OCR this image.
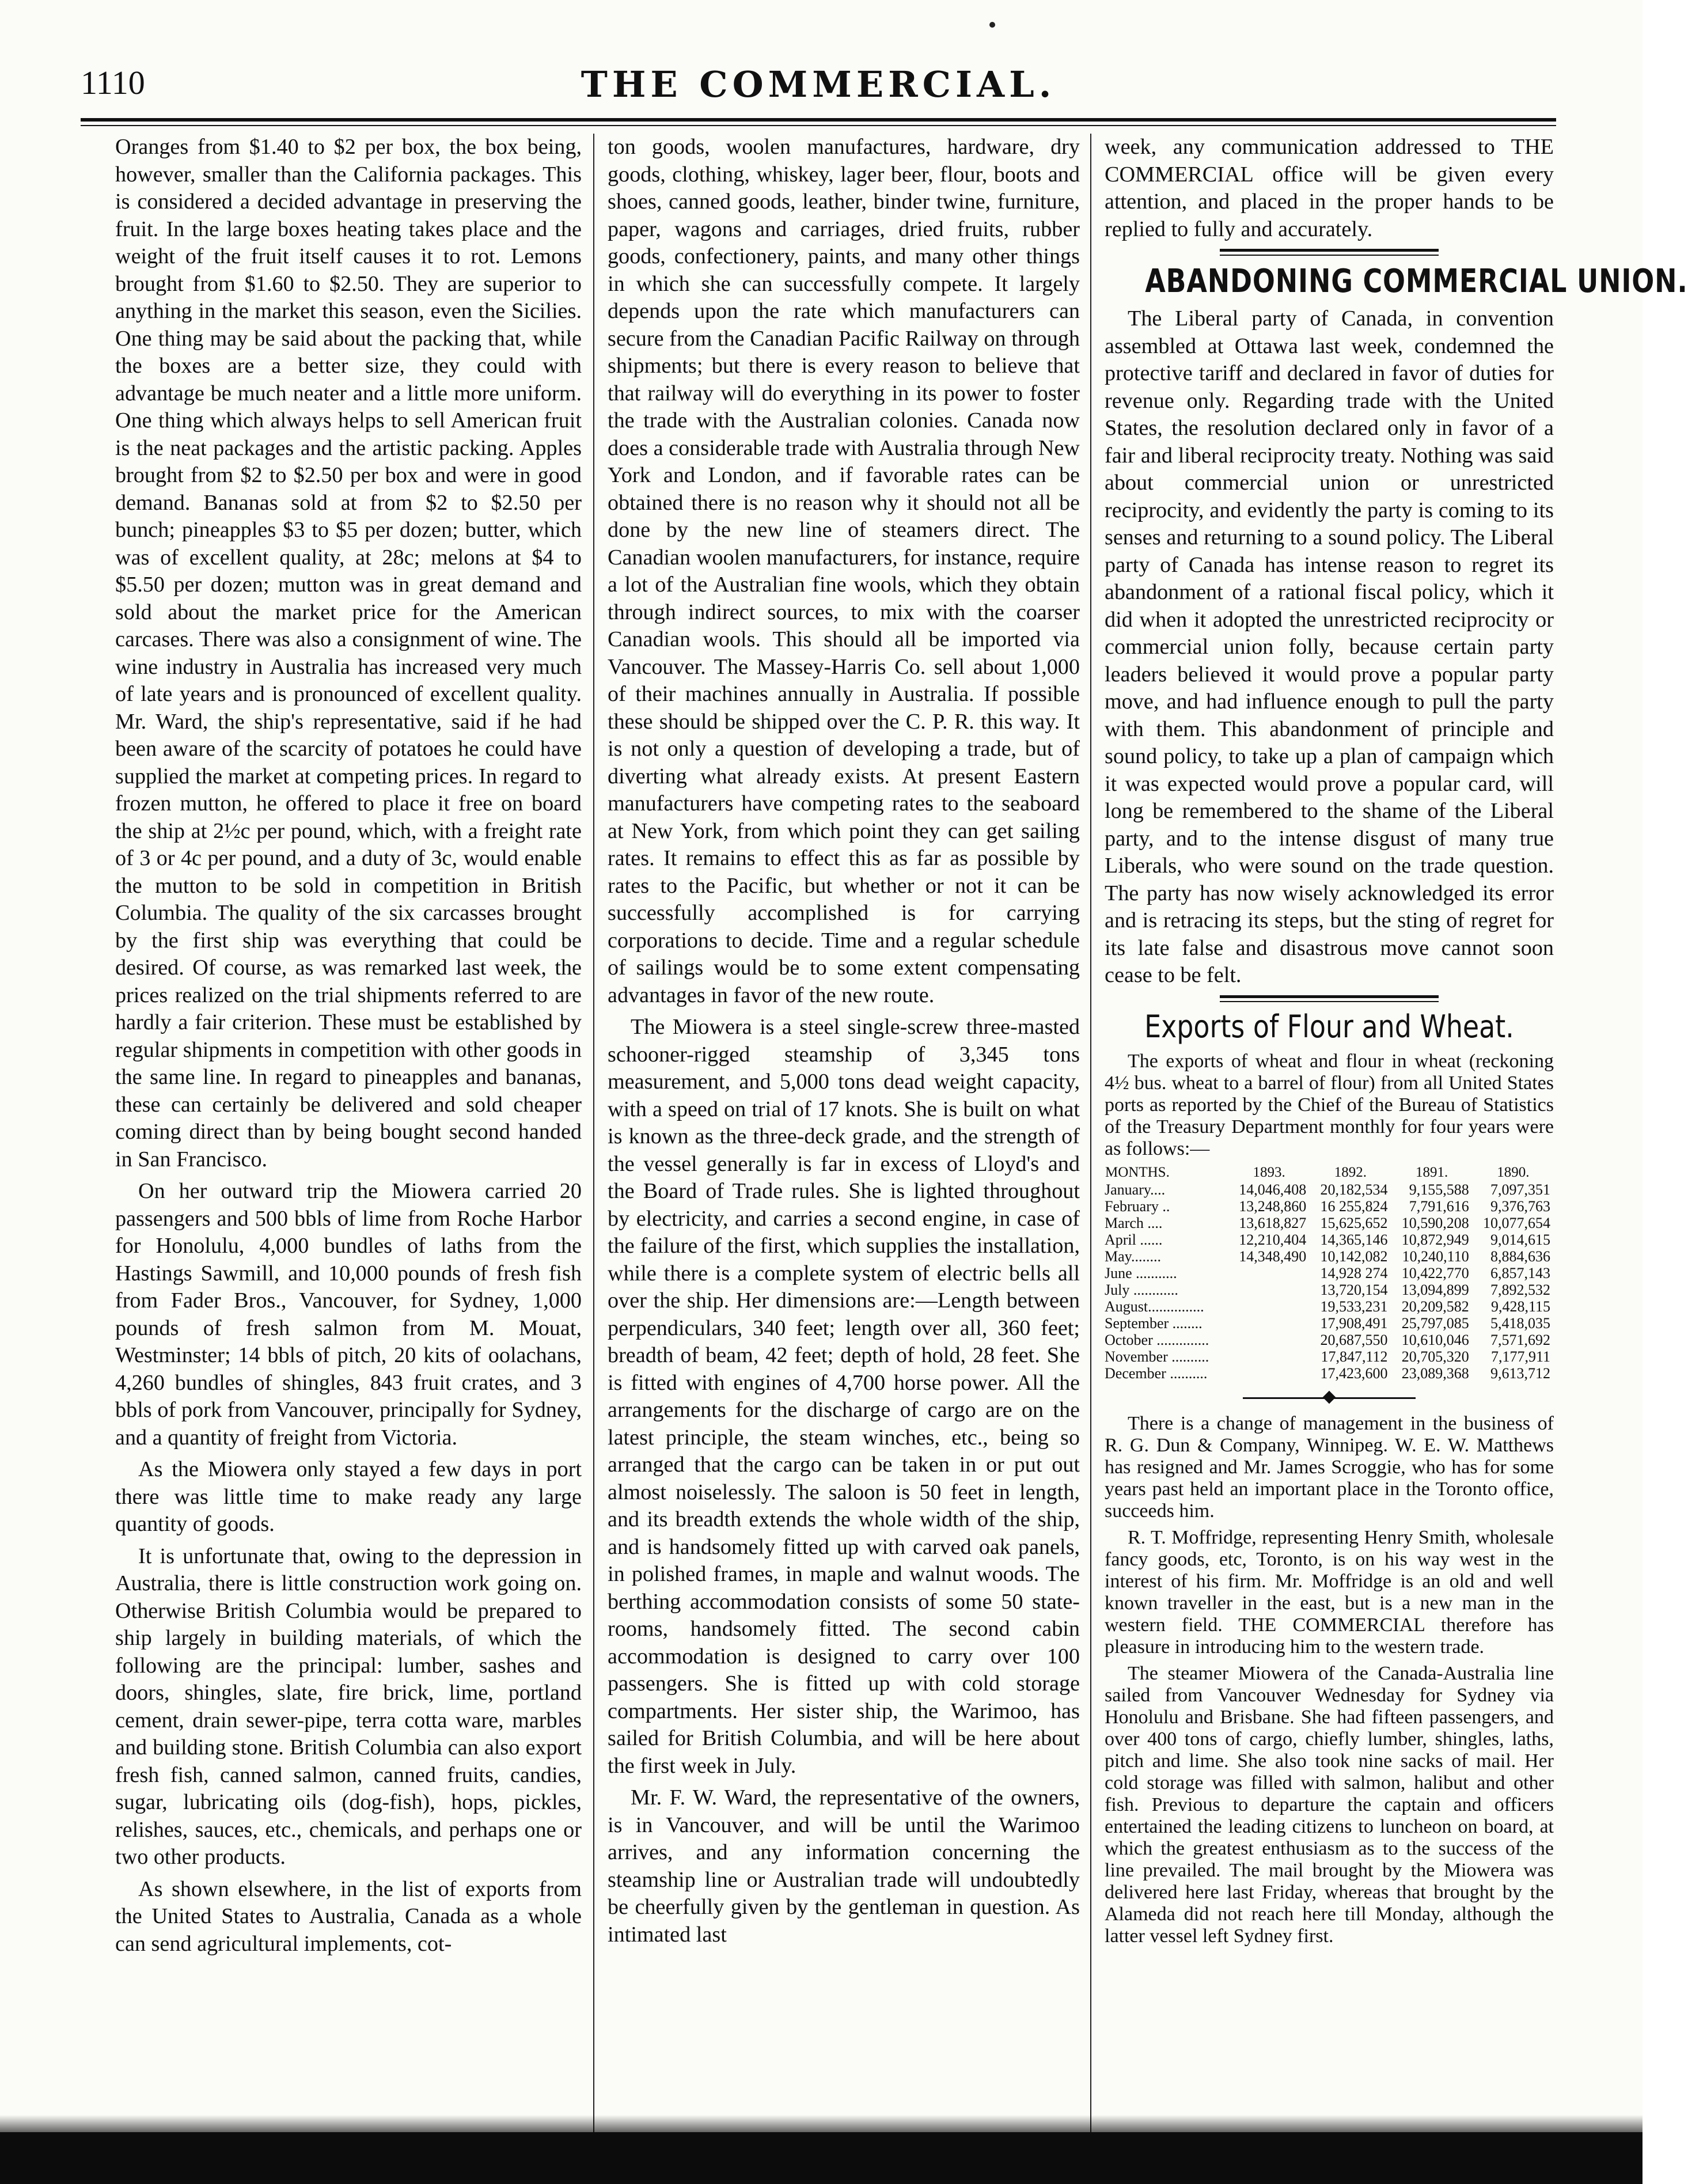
1110	THE COMMERCIAL.

Oranges from $1.40 to $2 per box, the box being, however, smaller than the California packages. This is considered a decided advantage in preserving the fruit. In the large boxes heating takes place and the weight of the fruit itself causes it to rot. Lemons brought from $1.60 to $2.50. They are superior to anything in the market this season, even the Sicilies. One thing may be said about the packing that, while the boxes are a better size, they could with advantage be much neater and a little more uniform. One thing which always helps to sell American fruit is the neat packages and the artistic packing. Apples brought from $2 to $2.50 per box and were in good demand. Bananas sold at from $2 to $2.50 per bunch; pineapples $3 to $5 per dozen; butter, which was of excellent quality, at 28c; melons at $4 to $5.50 per dozen; mutton was in great demand and sold about the market price for the American carcases. There was also a consignment of wine. The wine industry in Australia has increased very much of late years and is pronounced of excellent quality. Mr. Ward, the ship's representative, said if he had been aware of the scarcity of potatoes he could have supplied the market at competing prices. In regard to frozen mutton, he offered to place it free on board the ship at 2½c per pound, which, with a freight rate of 3 or 4c per pound, and a duty of 3c, would enable the mutton to be sold in competition in British Columbia. The quality of the six carcasses brought by the first ship was everything that could be desired. Of course, as was remarked last week, the prices realized on the trial shipments referred to are hardly a fair criterion. These must be established by regular shipments in competition with other goods in the same line. In regard to pineapples and bananas, these can certainly be delivered and sold cheaper coming direct than by being bought second handed in San Francisco.

On her outward trip the Miowera carried 20 passengers and 500 bbls of lime from Roche Harbor for Honolulu, 4,000 bundles of laths from the Hastings Sawmill, and 10,000 pounds of fresh fish from Fader Bros., Vancouver, for Sydney, 1,000 pounds of fresh salmon from M. Mouat, Westminster; 14 bbls of pitch, 20 kits of oolachans, 4,260 bundles of shingles, 843 fruit crates, and 3 bbls of pork from Vancouver, principally for Sydney, and a quantity of freight from Victoria.

As the Miowera only stayed a few days in port there was little time to make ready any large quantity of goods.

It is unfortunate that, owing to the depression in Australia, there is little construction work going on. Otherwise British Columbia would be prepared to ship largely in building materials, of which the following are the principal: lumber, sashes and doors, shingles, slate, fire brick, lime, portland cement, drain sewer-pipe, terra cotta ware, marbles and building stone. British Columbia can also export fresh fish, canned salmon, canned fruits, candies, sugar, lubricating oils (dog-fish), hops, pickles, relishes, sauces, etc., chemicals, and perhaps one or two other products.

As shown elsewhere, in the list of exports from the United States to Australia, Canada as a whole can send agricultural implements, cot-

ton goods, woolen manufactures, hardware, dry goods, clothing, whiskey, lager beer, flour, boots and shoes, canned goods, leather, binder twine, furniture, paper, wagons and carriages, dried fruits, rubber goods, confectionery, paints, and many other things in which she can successfully compete. It largely depends upon the rate which manufacturers can secure from the Canadian Pacific Railway on through shipments; but there is every reason to believe that that railway will do everything in its power to foster the trade with the Australian colonies. Canada now does a considerable trade with Australia through New York and London, and if favorable rates can be obtained there is no reason why it should not all be done by the new line of steamers direct. The Canadian woolen manufacturers, for instance, require a lot of the Australian fine wools, which they obtain through indirect sources, to mix with the coarser Canadian wools. This should all be imported via Vancouver. The Massey-Harris Co. sell about 1,000 of their machines annually in Australia. If possible these should be shipped over the C. P. R. this way. It is not only a question of developing a trade, but of diverting what already exists. At present Eastern manufacturers have competing rates to the seaboard at New York, from which point they can get sailing rates. It remains to effect this as far as possible by rates to the Pacific, but whether or not it can be successfully accomplished is for carrying corporations to decide. Time and a regular schedule of sailings would be to some extent compensating advantages in favor of the new route.

The Miowera is a steel single-screw three-masted schooner-rigged steamship of 3,345 tons measurement, and 5,000 tons dead weight capacity, with a speed on trial of 17 knots. She is built on what is known as the three-deck grade, and the strength of the vessel generally is far in excess of Lloyd's and the Board of Trade rules. She is lighted throughout by electricity, and carries a second engine, in case of the failure of the first, which supplies the installation, while there is a complete system of electric bells all over the ship. Her dimensions are:—Length between perpendiculars, 340 feet; length over all, 360 feet; breadth of beam, 42 feet; depth of hold, 28 feet. She is fitted with engines of 4,700 horse power. All the arrangements for the discharge of cargo are on the latest principle, the steam winches, etc., being so arranged that the cargo can be taken in or put out almost noiselessly. The saloon is 50 feet in length, and its breadth extends the whole width of the ship, and is handsomely fitted up with carved oak panels, in polished frames, in maple and walnut woods. The berthing accommodation consists of some 50 state-rooms, handsomely fitted. The second cabin accommodation is designed to carry over 100 passengers. She is fitted up with cold storage compartments. Her sister ship, the Warimoo, has sailed for British Columbia, and will be here about the first week in July.

Mr. F. W. Ward, the representative of the owners, is in Vancouver, and will be until the Warimoo arrives, and any information concerning the steamship line or Australian trade will undoubtedly be cheerfully given by the gentleman in question. As intimated last

week, any communication addressed to THE COMMERCIAL office will be given every attention, and placed in the proper hands to be replied to fully and accurately.

ABANDONING COMMERCIAL UNION.

The Liberal party of Canada, in convention assembled at Ottawa last week, condemned the protective tariff and declared in favor of duties for revenue only. Regarding trade with the United States, the resolution declared only in favor of a fair and liberal reciprocity treaty. Nothing was said about commercial union or unrestricted reciprocity, and evidently the party is coming to its senses and returning to a sound policy. The Liberal party of Canada has intense reason to regret its abandonment of a rational fiscal policy, which it did when it adopted the unrestricted reciprocity or commercial union folly, because certain party leaders believed it would prove a popular party move, and had influence enough to pull the party with them. This abandonment of principle and sound policy, to take up a plan of campaign which it was expected would prove a popular card, will long be remembered to the shame of the Liberal party, and to the intense disgust of many true Liberals, who were sound on the trade question. The party has now wisely acknowledged its error and is retracing its steps, but the sting of regret for its late false and disastrous move cannot soon cease to be felt.

Exports of Flour and Wheat.

The exports of wheat and flour in wheat (reckoning 4½ bus. wheat to a barrel of flour) from all United States ports as reported by the Chief of the Bureau of Statistics of the Treasury Department monthly for four years were as follows:—

MONTHS.	1893.	1892.	1891.	1890.
January....	14,046,408	20,182,534	9,155,588	7,097,351
February ..	13,248,860	16 255,824	7,791,616	9,376,763
March ....	13,618,827	15,625,652	10,590,208	10,077,654
April ......	12,210,404	14,365,146	10,872,949	9,014,615
May........	14,348,490	10,142,082	10,240,110	8,884,636
June ...........		14,928 274	10,422,770	6,857,143
July ............		13,720,154	13,094,899	7,892,532
August...............		19,533,231	20,209,582	9,428,115
September ........		17,908,491	25,797,085	5,418,035
October ..............		20,687,550	10,610,046	7,571,692
November ..........		17,847,112	20,705,320	7,177,911
December ..........		17,423,600	23,089,368	9,613,712

There is a change of management in the business of R. G. Dun & Company, Winnipeg. W. E. W. Matthews has resigned and Mr. James Scroggie, who has for some years past held an important place in the Toronto office, succeeds him.

R. T. Moffridge, representing Henry Smith, wholesale fancy goods, etc, Toronto, is on his way west in the interest of his firm. Mr. Moffridge is an old and well known traveller in the east, but is a new man in the western field. THE COMMERCIAL therefore has pleasure in introducing him to the western trade.

The steamer Miowera of the Canada-Australia line sailed from Vancouver Wednesday for Sydney via Honolulu and Brisbane. She had fifteen passengers, and over 400 tons of cargo, chiefly lumber, shingles, laths, pitch and lime. She also took nine sacks of mail. Her cold storage was filled with salmon, halibut and other fish. Previous to departure the captain and officers entertained the leading citizens to luncheon on board, at which the greatest enthusiasm as to the success of the line prevailed. The mail brought by the Miowera was delivered here last Friday, whereas that brought by the Alameda did not reach here till Monday, although the latter vessel left Sydney first.
